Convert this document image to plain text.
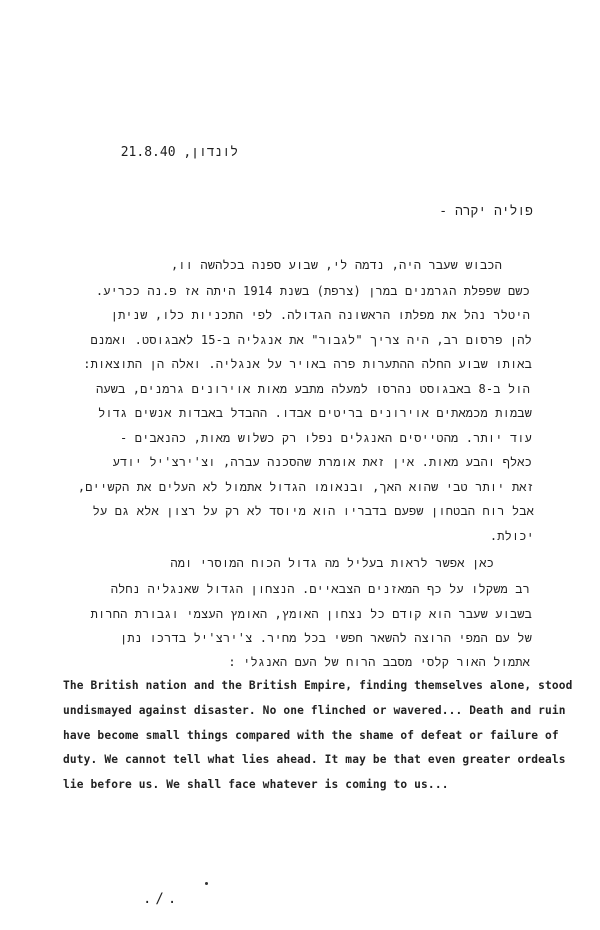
לונדון, 21.8.40
פוליה יקרה -

הכבוש שעבר היה, נדמה לי, שבוע ספנה בכלהשה וו,

כשם שפפלת הגרמנים במרן (צרפת) בשנת 1914 היתה אז פ.נה ככריע.

היטלר נהל את מפלתו הראשונה הגדולה. לפי התכניות כלו, שניתן

להן פרסום רב, היה צריך "לגבור" את אנגליה ב-15 לאבגוסט. ואמנם

באותו שבוע החלה ההתערות פרה באויר על אנגליה. ואלה הן התוצאות:

הול ב-8 באבגוסט נהרסו למעלה מתבע מאות אוירונים גרמנים, בשעה

שבמות מכמאתים אוירונים בריטים אבדו. ההבדל באבדות אנשים גדול

עוד יותר. מהטייסים האנגלים נפלו רק כשלוש מאות, כהנאבים -

כאלף והבע מאות. אין זאת אומרת שהסכנה עברה, וצ'ירצ'יל יודע

זאת יותר טבי שהוא האך, ובנאומו הגדול אתמול לא העלים את הקשיים,

אבל רוח הבטחון שפעם בדבריו הוא מיוסד לא רק על רצון אלא גם על

יכולת.

כאן אפשר לראות בעליל מה גדול הכוח המוסרי ומה

רב משקלו על כף המאזנים הצבאיים. הנצחון הגדול שאנגליה נחלה

בשבוע שעבר הוא קודם כל נצחון האומץ, האומץ העצמי וגבורת החרות

של עם המפי הרוצה להשאר חפשי בכל מחיר. צ'ירצ'יל בדרכו נתן

אתמול האור קלסי מסבב הרוח של העם האנגלי :

The British nation and the British Empire, finding themselves alone, stood

undismayed against disaster. No one flinched or wavered... Death and ruin

have become small things compared with the shame of defeat or failure of

duty. We cannot tell what lies ahead. It may be that even greater ordeals

lie before us. We shall face whatever is coming to us...

./.
